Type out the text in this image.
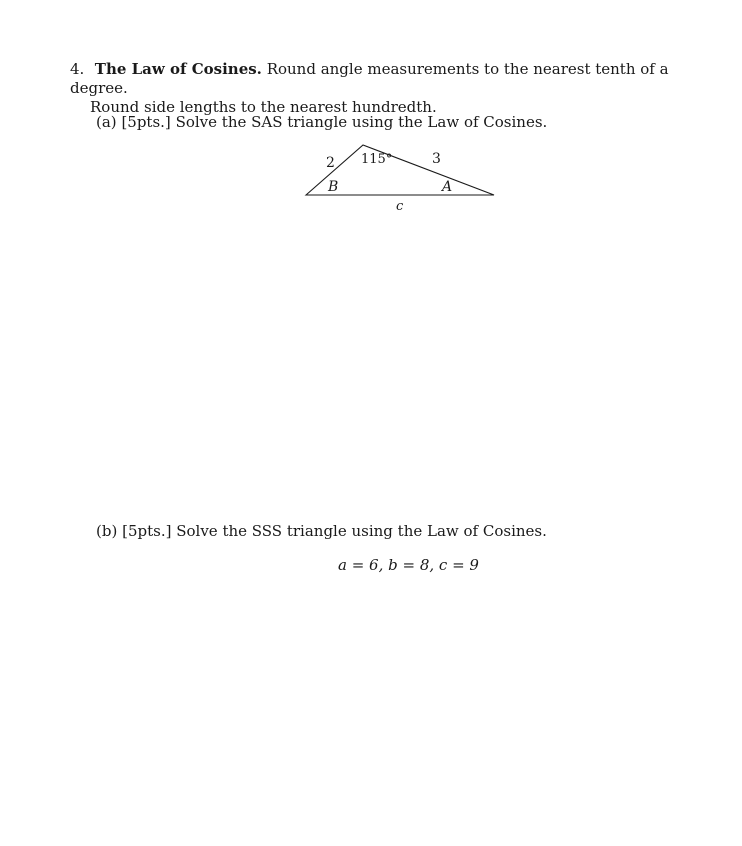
4. The Law of Cosines. Round angle measurements to the nearest tenth of a degree.
Round side lengths to the nearest hundredth.
(a) [5pts.] Solve the SAS triangle using the Law of Cosines.
2 115°	3
B	A
c
(b) [5pts.] Solve the SSS triangle using the Law of Cosines.
a = 6, b = 8, c = 9
